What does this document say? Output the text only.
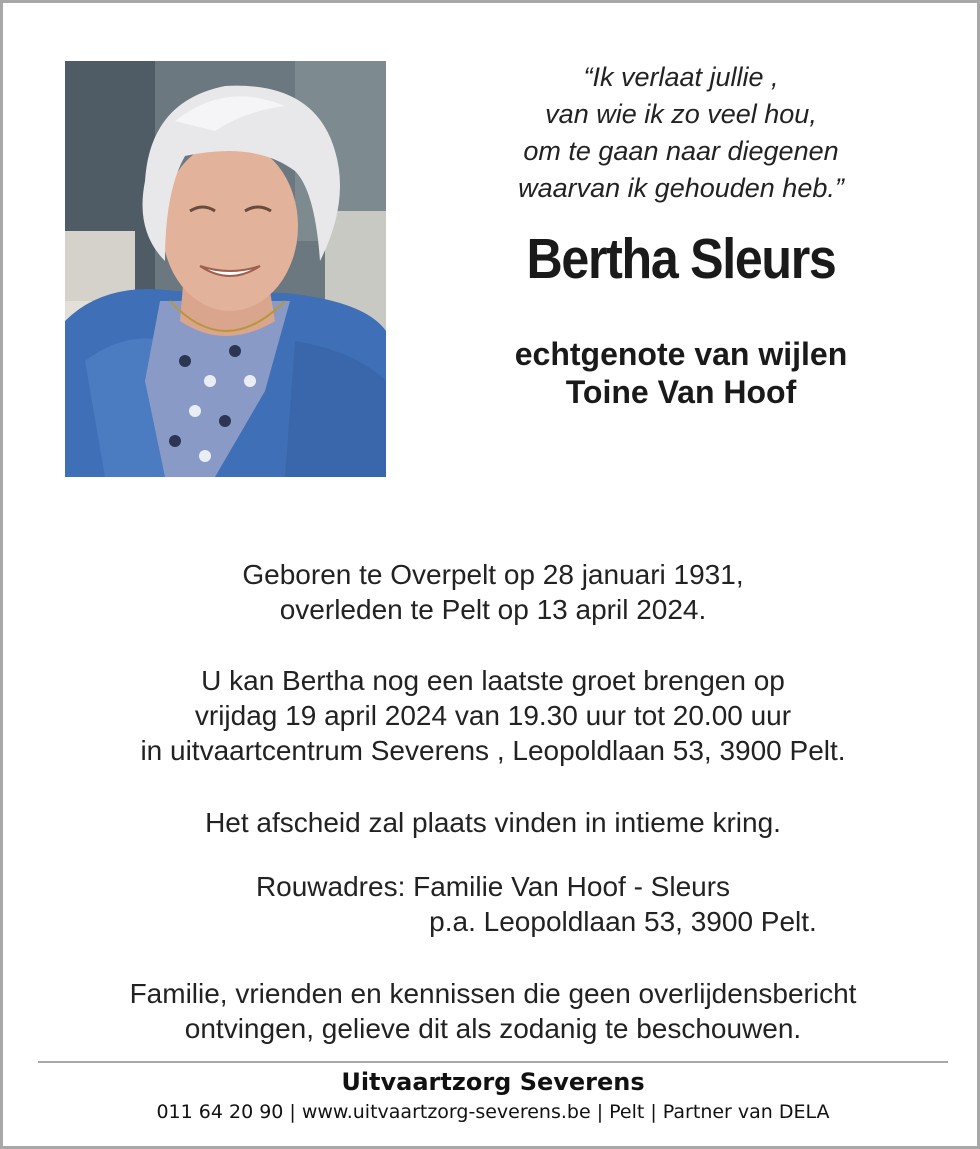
“Ik verlaat jullie ,
van wie ik zo veel hou,
om te gaan naar diegenen
waarvan ik gehouden heb.”
Bertha Sleurs
echtgenote van wijlen
Toine Van Hoof
Geboren te Overpelt op 28 januari 1931,
overleden te Pelt op 13 april 2024.
U kan Bertha nog een laatste groet brengen op
vrijdag 19 april 2024 van 19.30 uur tot 20.00 uur
in uitvaartcentrum Severens , Leopoldlaan 53, 3900 Pelt.
Het afscheid zal plaats vinden in intieme kring.
Rouwadres: Familie Van Hoof - Sleurs
p.a. Leopoldlaan 53, 3900 Pelt.
Familie, vrienden en kennissen die geen overlijdensbericht
ontvingen, gelieve dit als zodanig te beschouwen.
Uitvaartzorg Severens
011 64 20 90 | www.uitvaartzorg-severens.be | Pelt | Partner van DELA
